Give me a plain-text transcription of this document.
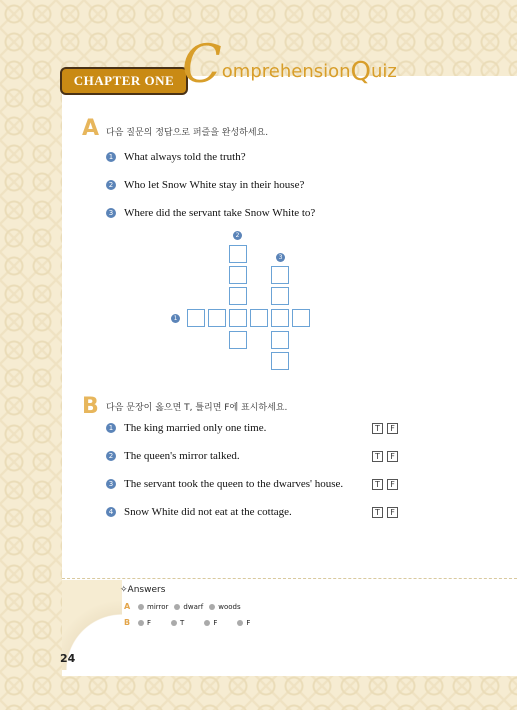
CHAPTER ONE C omprehension Q uiz
A 다음 질문의 정답으로 퍼즐을 완성하세요.
1 What always told the truth?
2 Who let Snow White stay in their house?
3 Where did the servant take Snow White to?
2
3
1
B 다음 문장이 옳으면 T, 틀리면 F에 표시하세요.
1 The king married only one time.	T	F
2 The queen's mirror talked.	T	F
3 The servant took the queen to the dwarves' house.	T	F
4 Snow White did not eat at the cottage.	T	F
✧Answers
A	mirror dwarf woods
B	F	T	F	F
24
